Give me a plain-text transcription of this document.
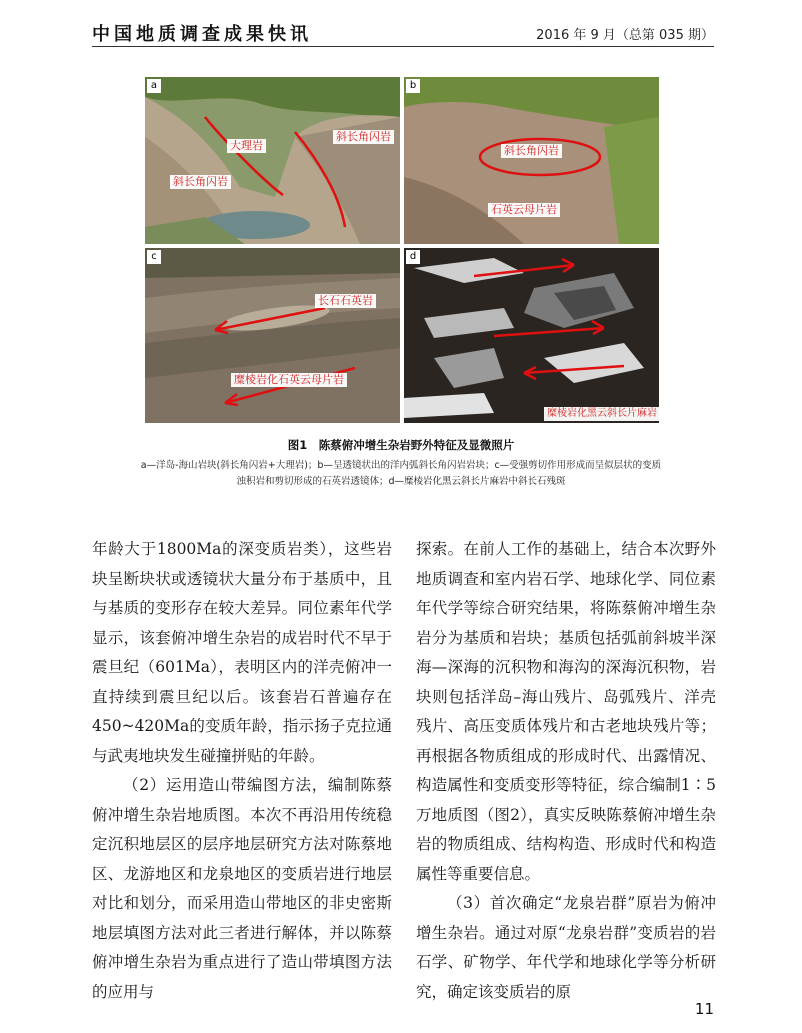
中国地质调查成果快讯	2016 年 9 月（总第 035 期）
a
大理岩
斜长角闪岩
斜长角闪岩
b
斜长角闪岩
石英云母片岩
c
长石石英岩
糜棱岩化石英云母片岩
d
糜棱岩化黑云斜长片麻岩
图1　陈蔡俯冲增生杂岩野外特征及显微照片
a—洋岛-海山岩块(斜长角闪岩+大理岩)；b—呈透镜状出的洋内弧斜长角闪岩岩块；c—受强剪切作用形成而呈似层状的变质
浊积岩和剪切形成的石英岩透镜体；d—糜棱岩化黑云斜长片麻岩中斜长石残斑

年龄大于1800Ma的深变质岩类），这些岩块呈断块状或透镜状大量分布于基质中，且与基质的变形存在较大差异。同位素年代学显示，该套俯冲增生杂岩的成岩时代不早于震旦纪（601Ma），表明区内的洋壳俯冲一直持续到震旦纪以后。该套岩石普遍存在450~420Ma的变质年龄，指示扬子克拉通与武夷地块发生碰撞拼贴的年龄。

（2）运用造山带编图方法，编制陈蔡俯冲增生杂岩地质图。本次不再沿用传统稳定沉积地层区的层序地层研究方法对陈蔡地区、龙游地区和龙泉地区的变质岩进行地层对比和划分，而采用造山带地区的非史密斯地层填图方法对此三者进行解体，并以陈蔡俯冲增生杂岩为重点进行了造山带填图方法的应用与

探索。在前人工作的基础上，结合本次野外地质调查和室内岩石学、地球化学、同位素年代学等综合研究结果，将陈蔡俯冲增生杂岩分为基质和岩块；基质包括弧前斜坡半深海—深海的沉积物和海沟的深海沉积物，岩块则包括洋岛–海山残片、岛弧残片、洋壳残片、高压变质体残片和古老地块残片等；再根据各物质组成的形成时代、出露情况、构造属性和变质变形等特征，综合编制1∶5万地质图（图2），真实反映陈蔡俯冲增生杂岩的物质组成、结构构造、形成时代和构造属性等重要信息。

（3）首次确定“龙泉岩群”原岩为俯冲增生杂岩。通过对原“龙泉岩群”变质岩的岩石学、矿物学、年代学和地球化学等分析研究，确定该变质岩的原

11
